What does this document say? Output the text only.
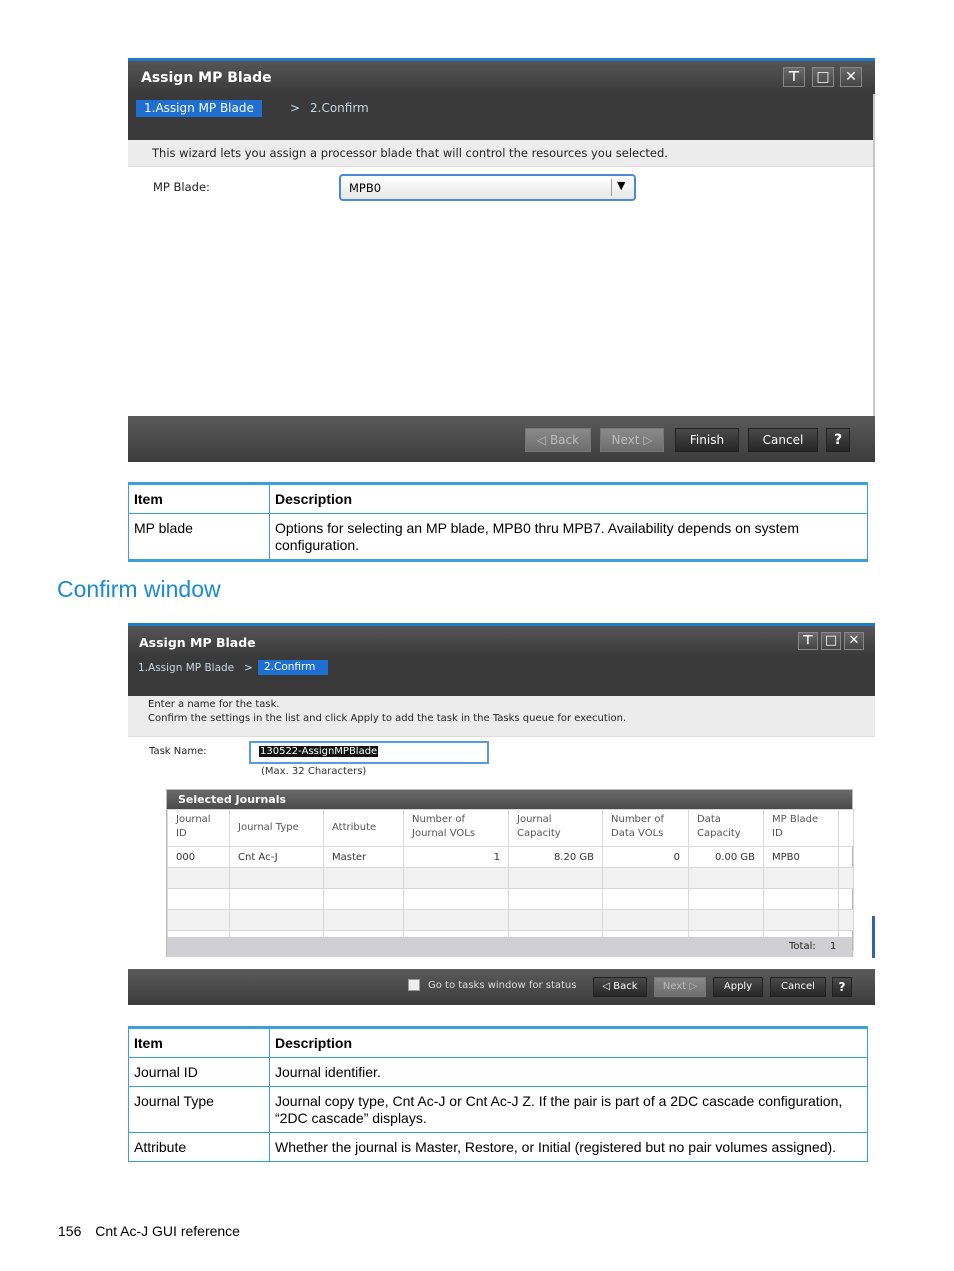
Assign MP Blade	⊤	□	✕
1.Assign MP Blade	> 2.Confirm
This wizard lets you assign a processor blade that will control the resources you selected.
MP Blade:	MPB0	▼
◁ Back	Next ▷	Finish	Cancel	?
Item	Description
MP blade	Options for selecting an MP blade, MPB0 thru MPB7. Availability depends on system configuration.
Confirm window
Assign MP Blade	⊤ □ ✕
1.Assign MP Blade >	2.Confirm
Enter a name for the task.
Confirm the settings in the list and click Apply to add the task in the Tasks queue for execution.
Task Name:	130522-AssignMPBlade
(Max. 32 Characters)
Selected Journals
Journal ID	Journal Type	Attribute	Number of Journal VOLs	Journal Capacity	Number of Data VOLs	Data Capacity	MP Blade ID	
000	Cnt Ac-J	Master	1	8.20 GB	0	0.00 GB	MPB0	

Total: 1
Go to tasks window for status	◁ Back	Next ▷	Apply	Cancel	?
Item	Description
Journal ID	Journal identifier.
Journal Type	Journal copy type, Cnt Ac-J or Cnt Ac-J Z. If the pair is part of a 2DC cascade configuration, “2DC cascade” displays.
Attribute	Whether the journal is Master, Restore, or Initial (registered but no pair volumes assigned).
156 Cnt Ac-J GUI reference
